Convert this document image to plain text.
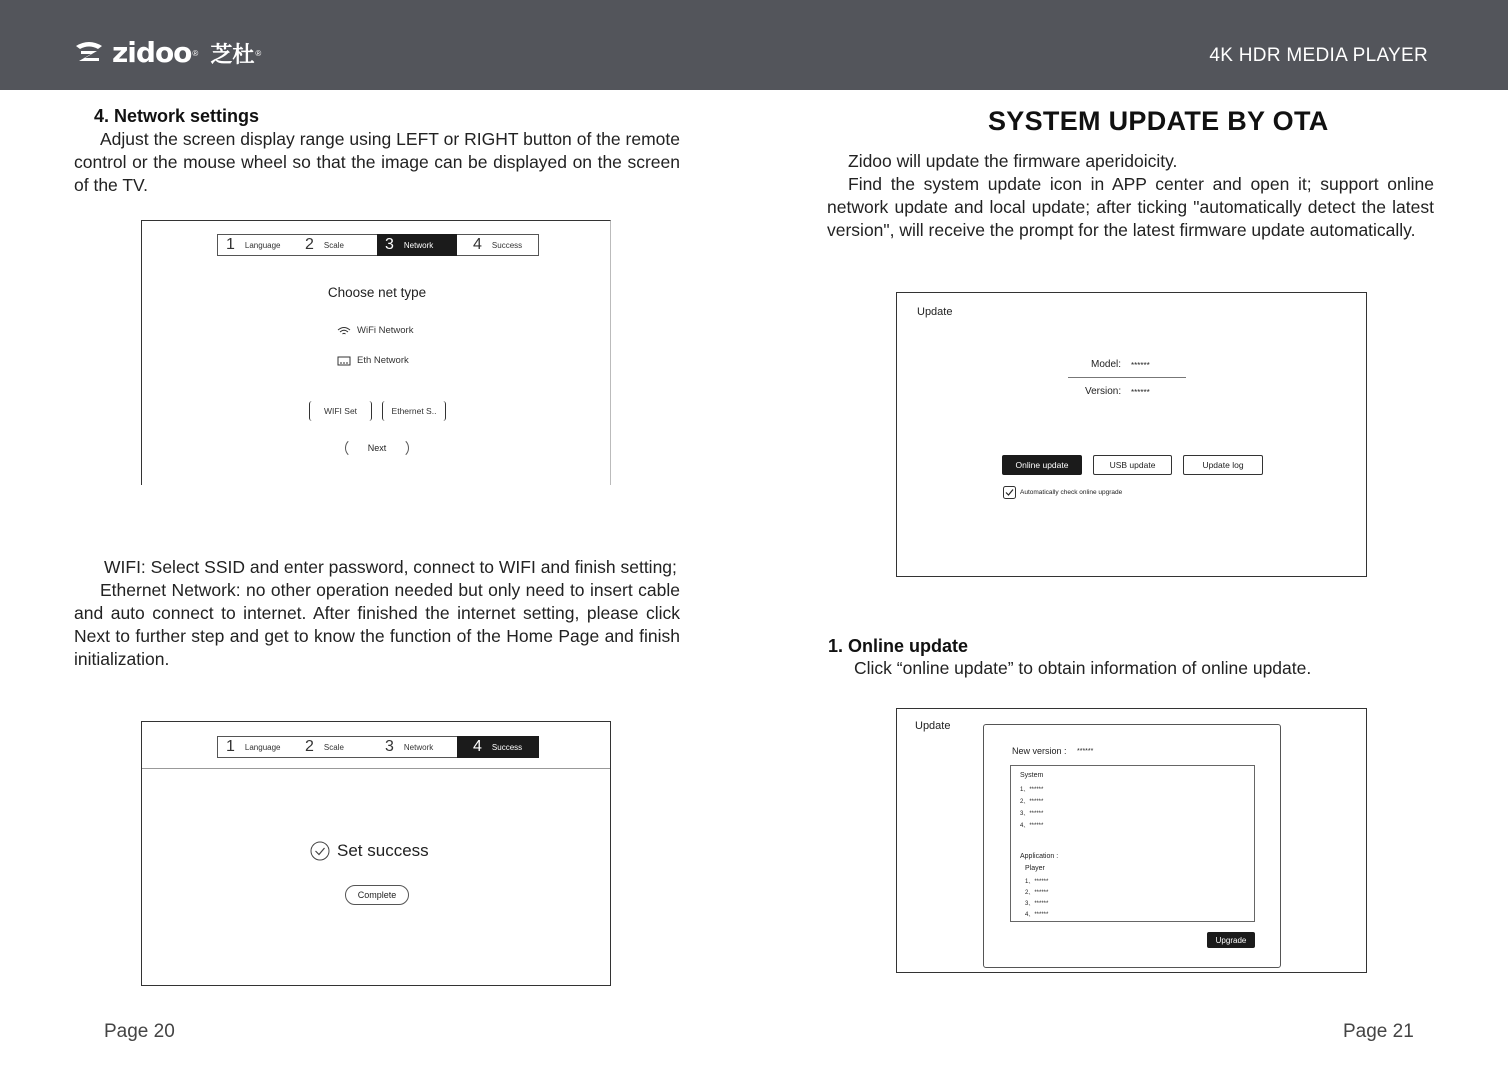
zidoo ® 芝杜 ®	4K HDR MEDIA PLAYER
4. Network settings

Adjust the screen display range using LEFT or RIGHT button of the remote control or the mouse wheel so that the image can be displayed on the screen of the TV.

1 Language 2 Scale	3 Network 4 Success
Choose net type
WiFi Network
Eth Network
WIFI Set	Ethernet S..
Next

WIFI: Select SSID and enter password, connect to WIFI and finish setting;

Ethernet Network: no other operation needed but only need to insert cable and auto connect to internet. After finished the internet setting, please click Next to further step and get to know the function of the Home Page and finish initialization.

1 Language 2 Scale	3 Network 4 Success
Set success
Complete
Page 20
SYSTEM UPDATE BY OTA

Zidoo will update the firmware aperidoicity.

Find the system update icon in APP center and open it; support online network update and local update; after ticking "automatically detect the latest version", will receive the prompt for the latest firmware update automatically.

Update
Model: ******
Version: ******
Online update	USB update	Update log
Automatically check online upgrade
1. Online update

Click “online update” to obtain information of online update.

Update
New version : ******
System
1、******
2、******
3、******
4、******
Application :
Player
1、******
2、******
3、******
4、******
Upgrade
Page 21
